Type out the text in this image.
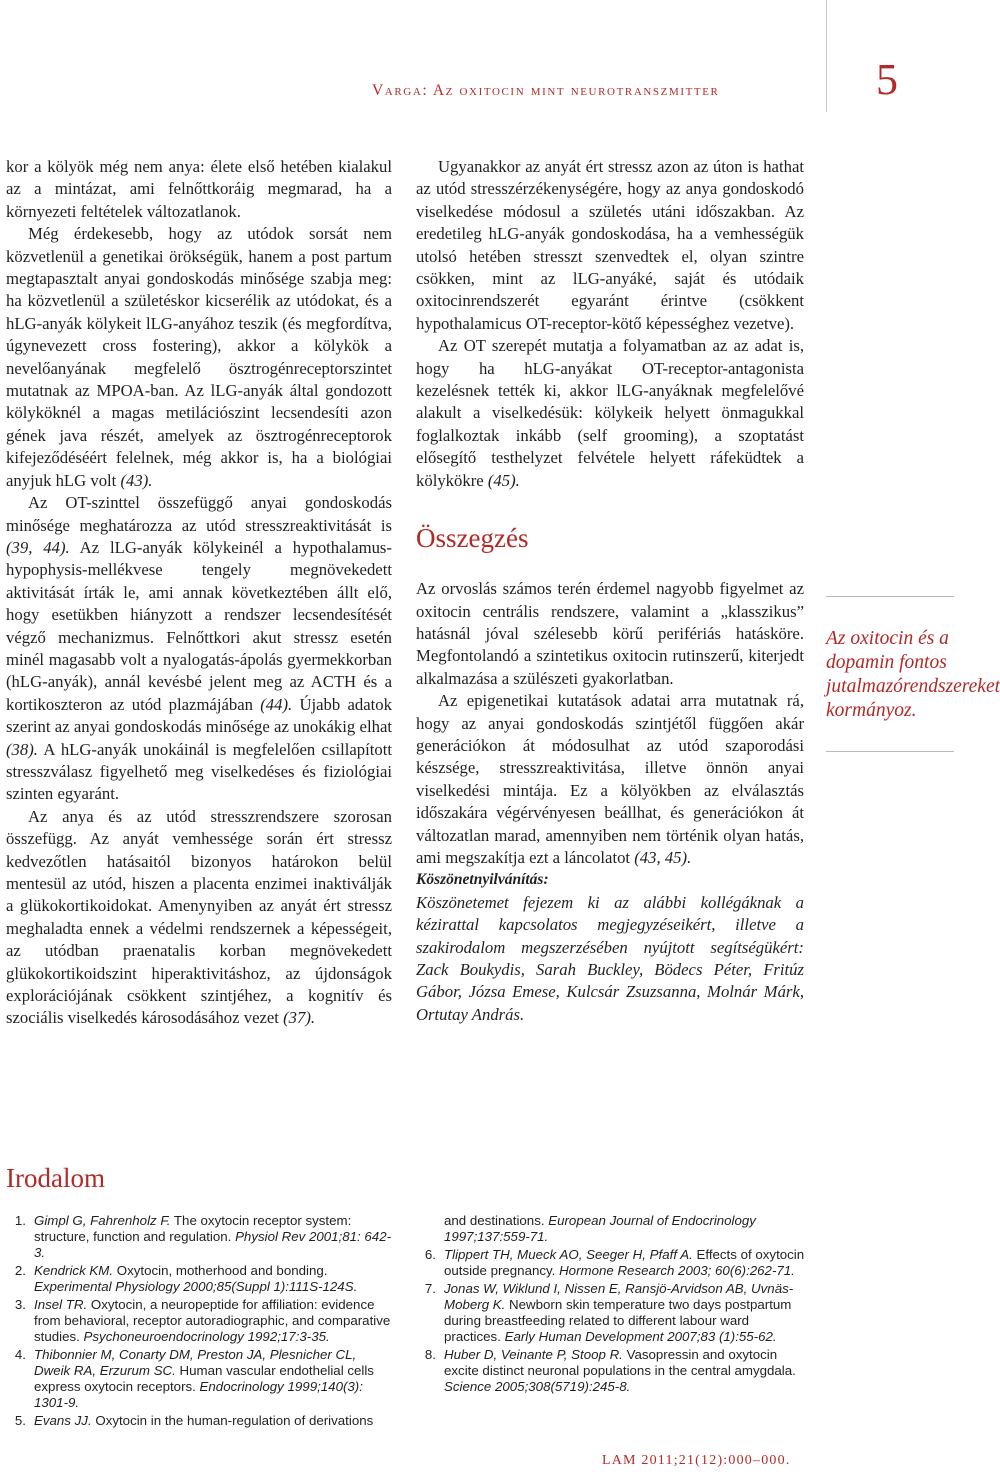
Varga: Az oxitocin mint neurotranszmitter	5

kor a kölyök még nem anya: élete első hetében kialakul az a mintázat, ami felnőttkoráig megmarad, ha a környezeti feltételek változatlanok.

Még érdekesebb, hogy az utódok sorsát nem közvetlenül a genetikai örökségük, hanem a post partum megtapasztalt anyai gondoskodás minősége szabja meg: ha közvetlenül a születéskor kicserélik az utódokat, és a hLG-anyák kölykeit lLG-anyához teszik (és megfordítva, úgynevezett cross fostering), akkor a kölykök a nevelőanyának megfelelő ösztrogénreceptorszintet mutatnak az MPOA-ban. Az lLG-anyák által gondozott kölyköknél a magas metilációszint lecsendesíti azon gének java részét, amelyek az ösztrogénreceptorok kifejeződéséért felelnek, még akkor is, ha a biológiai anyjuk hLG volt (43).

Az OT-szinttel összefüggő anyai gondoskodás minősége meghatározza az utód stresszreaktivitását is (39, 44). Az lLG-anyák kölykeinél a hypothalamus-hypophysis-mellékvese tengely megnövekedett aktivitását írták le, ami annak következtében állt elő, hogy esetükben hiányzott a rendszer lecsendesítését végző mechanizmus. Felnőttkori akut stressz esetén minél magasabb volt a nyalogatás-ápolás gyermekkorban (hLG-anyák), annál kevésbé jelent meg az ACTH és a kortikoszteron az utód plazmájában (44). Újabb adatok szerint az anyai gondoskodás minősége az unokákig elhat (38). A hLG-anyák unokáinál is megfelelően csillapított stresszválasz figyelhető meg viselkedéses és fiziológiai szinten egyaránt.

Az anya és az utód stresszrendszere szorosan összefügg. Az anyát vemhessége során ért stressz kedvezőtlen hatásaitól bizonyos határokon belül mentesül az utód, hiszen a placenta enzimei inaktiválják a glükokortikoidokat. Amenynyiben az anyát ért stressz meghaladta ennek a védelmi rendszernek a képességeit, az utódban praenatalis korban megnövekedett glükokortikoidszint hiperaktivitáshoz, az újdonságok explorációjának csökkent szintjéhez, a kognitív és szociális viselkedés károsodásához vezet (37).

Ugyanakkor az anyát ért stressz azon az úton is hathat az utód stresszérzékenységére, hogy az anya gondoskodó viselkedése módosul a születés utáni időszakban. Az eredetileg hLG-anyák gondoskodása, ha a vemhességük utolsó hetében stresszt szenvedtek el, olyan szintre csökken, mint az lLG-anyáké, saját és utódaik oxitocinrendszerét egyaránt érintve (csökkent hypothalamicus OT-receptor-kötő képességhez vezetve).

Az OT szerepét mutatja a folyamatban az az adat is, hogy ha hLG-anyákat OT-receptor-antagonista kezelésnek tették ki, akkor lLG-anyáknak megfelelővé alakult a viselkedésük: kölykeik helyett önmagukkal foglalkoztak inkább (self grooming), a szoptatást elősegítő testhelyzet felvétele helyett ráfeküdtek a kölykökre (45).

Összegzés

Az orvoslás számos terén érdemel nagyobb figyelmet az oxitocin centrális rendszere, valamint a „klasszikus” hatásnál jóval szélesebb körű perifériás hatásköre. Megfontolandó a szintetikus oxitocin rutinszerű, kiterjedt alkalmazása a szülészeti gyakorlatban.

Az epigenetikai kutatások adatai arra mutatnak rá, hogy az anyai gondoskodás szintjétől függően akár generációkon át módosulhat az utód szaporodási készsége, stresszreaktivitása, illetve önnön anyai viselkedési mintája. Ez a kölyökben az elválasztás időszakára végérvényesen beállhat, és generációkon át változatlan marad, amennyiben nem történik olyan hatás, ami megszakítja ezt a láncolatot (43, 45).

Köszönetnyilvánítás:

Köszönetemet fejezem ki az alábbi kollégáknak a kézirattal kapcsolatos megjegyzéseikért, illetve a szakirodalom megszerzésében nyújtott segítségükért: Zack Boukydis, Sarah Buckley, Bödecs Péter, Fritúz Gábor, Józsa Emese, Kulcsár Zsuzsanna, Molnár Márk, Ortutay András.

Az oxitocin és a dopamin fontos jutalmazórendszereket kormányoz.
Irodalom
1. Gimpl G, Fahrenholz F. The oxytocin receptor system: structure, function and regulation. Physiol Rev 2001;81: 642-3.
2. Kendrick KM. Oxytocin, motherhood and bonding. Experimental Physiology 2000;85(Suppl 1):111S-124S.
3. Insel TR. Oxytocin, a neuropeptide for affiliation: evidence from behavioral, receptor autoradiographic, and comparative studies. Psychoneuroendocrinology 1992;17:3-35.
4. Thibonnier M, Conarty DM, Preston JA, Plesnicher CL, Dweik RA, Erzurum SC. Human vascular endothelial cells express oxytocin receptors. Endocrinology 1999;140(3): 1301-9.
5. Evans JJ. Oxytocin in the human-regulation of derivations
and destinations. European Journal of Endocrinology 1997;137:559-71.
6. Tlippert TH, Mueck AO, Seeger H, Pfaff A. Effects of oxytocin outside pregnancy. Hormone Research 2003; 60(6):262-71.
7. Jonas W, Wiklund I, Nissen E, Ransjö-Arvidson AB, Uvnäs-Moberg K. Newborn skin temperature two days postpartum during breastfeeding related to different labour ward practices. Early Human Development 2007;83 (1):55-62.
8. Huber D, Veinante P, Stoop R. Vasopressin and oxytocin excite distinct neuronal populations in the central amygdala. Science 2005;308(5719):245-8.
LAM 2011;21(12):000–000.
